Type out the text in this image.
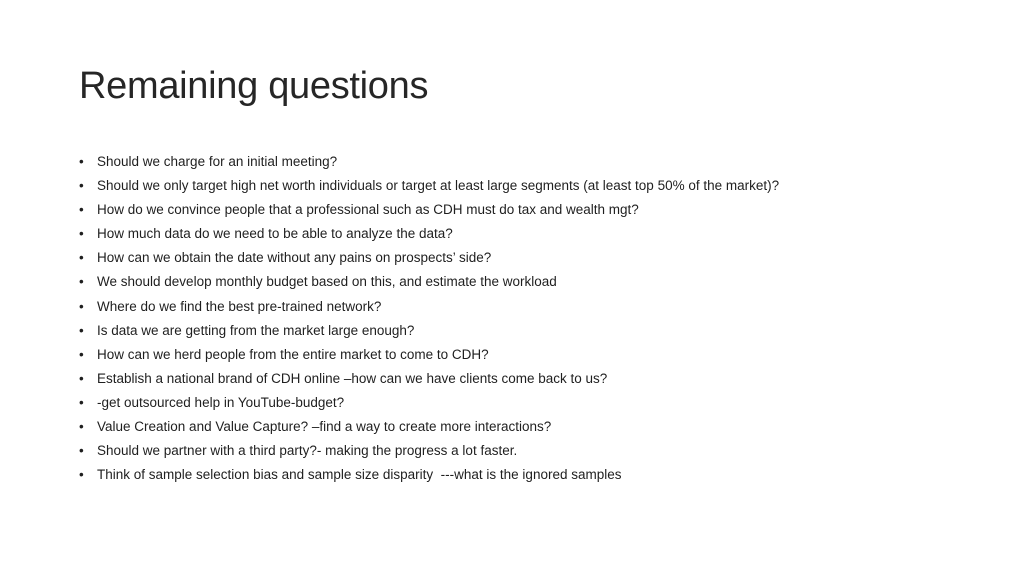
Remaining questions
• Should we charge for an initial meeting?
• Should we only target high net worth individuals or target at least large segments (at least top 50% of the market)?
• How do we convince people that a professional such as CDH must do tax and wealth mgt?
• How much data do we need to be able to analyze the data?
• How can we obtain the date without any pains on prospects’ side?
• We should develop monthly budget based on this, and estimate the workload
• Where do we find the best pre-trained network?
• Is data we are getting from the market large enough?
• How can we herd people from the entire market to come to CDH?
• Establish a national brand of CDH online –how can we have clients come back to us?
• -get outsourced help in YouTube-budget?
• Value Creation and Value Capture? –find a way to create more interactions?
• Should we partner with a third party?- making the progress a lot faster.
• Think of sample selection bias and sample size disparity  ---what is the ignored samples
